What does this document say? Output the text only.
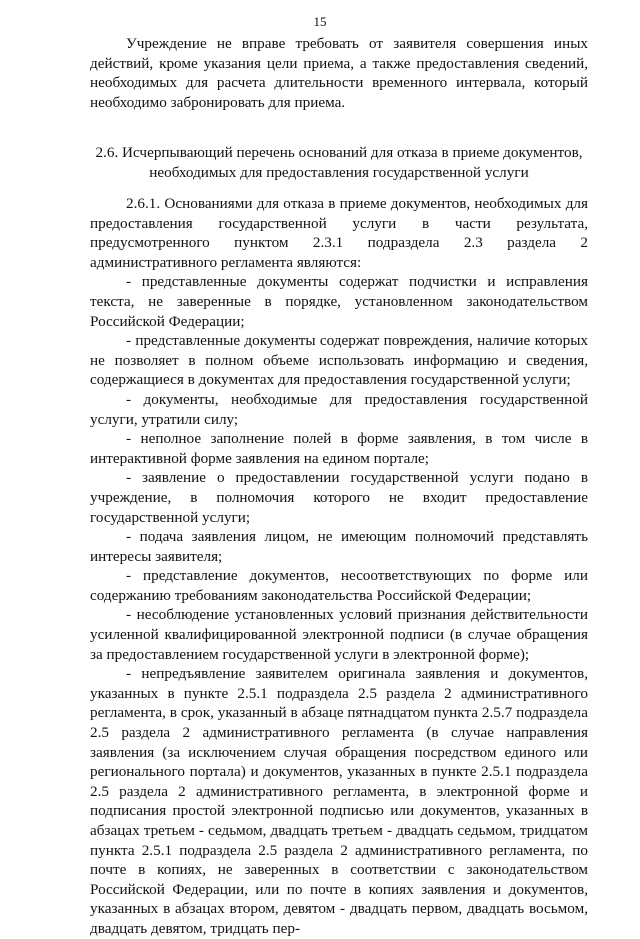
15

Учреждение не вправе требовать от заявителя совершения иных действий, кроме указания цели приема, а также предоставления сведений, необходимых для расчета длительности временного интервала, который необходимо забронировать для приема.

2.6. Исчерпывающий перечень оснований для отказа в приеме документов, необходимых для предоставления государственной услуги

2.6.1. Основаниями для отказа в приеме документов, необходимых для предоставления государственной услуги в части результата, предусмотренного пунктом 2.3.1 подраздела 2.3 раздела 2 административного регламента являются:

- представленные документы содержат подчистки и исправления текста, не заверенные в порядке, установленном законодательством Российской Федерации;

- представленные документы содержат повреждения, наличие которых не позволяет в полном объеме использовать информацию и сведения, содержащиеся в документах для предоставления государственной услуги;

- документы, необходимые для предоставления государственной услуги, утратили силу;

- неполное заполнение полей в форме заявления, в том числе в интерактивной форме заявления на едином портале;

- заявление о предоставлении государственной услуги подано в учреждение, в полномочия которого не входит предоставление государственной услуги;

- подача заявления лицом, не имеющим полномочий представлять интересы заявителя;

- представление документов, несоответствующих по форме или содержанию требованиям законодательства Российской Федерации;

- несоблюдение установленных условий признания действительности усиленной квалифицированной электронной подписи (в случае обращения за предоставлением государственной услуги в электронной форме);

- непредъявление заявителем оригинала заявления и документов, указанных в пункте 2.5.1 подраздела 2.5 раздела 2 административного регламента, в срок, указанный в абзаце пятнадцатом пункта 2.5.7 подраздела 2.5 раздела 2 административного регламента (в случае направления заявления (за исключением случая обращения посредством единого или регионального портала) и документов, указанных в пункте 2.5.1 подраздела 2.5 раздела 2 административного регламента, в электронной форме и подписания простой электронной подписью или документов, указанных в абзацах третьем - седьмом, двадцать третьем - двадцать седьмом, тридцатом пункта 2.5.1 подраздела 2.5 раздела 2 административного регламента, по почте в копиях, не заверенных в соответствии с законодательством Российской Федерации, или по почте в копиях заявления и документов, указанных в абзацах втором, девятом - двадцать первом, двадцать восьмом, двадцать девятом, тридцать пер-
